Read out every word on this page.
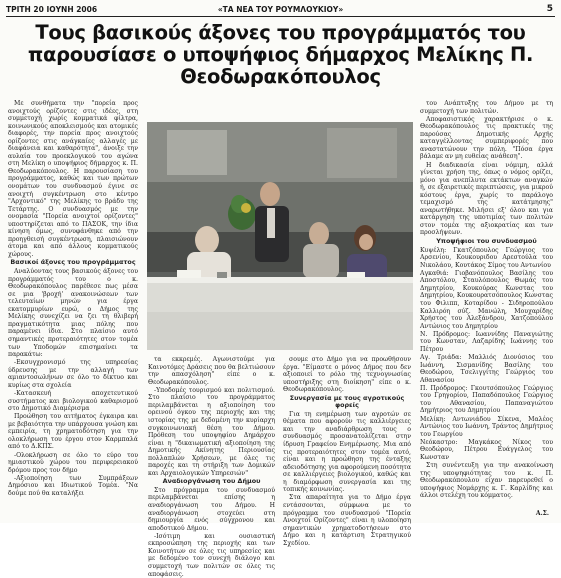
ΤΡΙΤΗ 20 ΙΟΥΝΗ 2006	«ΤΑ ΝΕΑ ΤΟΥ ΡΟΥΜΛΟΥΚΙΟΥ»	5
Τους βασικούς άξονες του προγράμματός του παρουσίασε ο υποψήφιος δήμαρχος Μελίκης Π. Θεοδωρακόπουλος

Με συνθήματα την "πορεία προς ανοιχτούς ορίζοντες στις ιδέες, στη συμμετοχή χωρίς κομματικά φίλτρα, κοινωνικούς αποκλεισμούς και ατομικές διαφορές, την πορεία προς ανοιχτούς ορίζοντες στις ανάγκαίες αλλαγές με διαφάνεια και καθαρότητα", άνοιξε την αυλαία του προεκλογικού του αγώνα στη Μελίκη ο υποψήφιος δήμαρχος κ. Π. Θεοδωρακόπουλος. Η παρουσίαση του προγράμματος, καθώς και των πρώτων ονομάτων του συνδυασμού έγινε σε ανοιχτή συγκέντρωση στο κέντρο "Αρχοντικό" της Μελίκης το βράδυ της Τετάρτης. Ο συνδυασμός με την ονομασία "Πορεία ανοιχτοί ορίζοντες" υποστηρίζεται από το ΠΑΣΟΚ, την ίδια κίνηση όμως, συνυφάνθηκε από την προηγθεισή συγκέντρωση, πλαισιώνουν άτομα και από άλλους κομματικούς χώρους.

Βασικοί άξονες του προγράμματος

Αναλύοντας τους βασικούς άξονες του προγράμματός του ο κ. Θεοδωρακόπουλος παρέθεσε πως μέσα σε μια 'βροχή' ανακοινώσεων των τελευταίων μηνών για έργα εκατομμυρίων ευρώ, ο Δήμος της Μελίκης συνεχίζει να ζει τη θλιβερή πραγματικότητα μιας πόλης που παραμένει ίδια. Στο πλαίσιο αυτό σημαντικές προτεραιότητες στον τομέα των Υποδομών επισημαίνει τα παρακάτω:

-Εκσυγχρονισμό της υπηρεσίας ύδρευσης με την αλλαγή των αμιαντοσωλήνων σε όλο το δίκτυο και κυρίως στα σχολεία

-Κατασκευή αποχετευτικού συστήματος και βιολογικού καθαρισμού στο Δημοτικό Διαμέρισμα

Προώθηση του αιτήματος έγκαιρα και με βεβαιότητα την υπάρχουσα γνώση και εμπειρία, τη χρηματοδότηση για την ολοκλήρωση του έργου στον Καρμπαλά από το Δ.ΚΠΣ.

-Ολοκλήρωση σε όλο το εύρο του ημιαστικού χώρου του περιφερειακού δρόμου προς τον δήμο

-Αξιοποίηση των Συμπράξεων Δημόσιου και Ιδιωτικού Τομέα. "Να δούμε πού θα καταλήξει

τα εκκρεμές. Αγωνιστούμε για Καινοτόμες Δράσεις που θα βελτιώσουν την απασχόληση" είπε ο κ. Θεοδωρακόπουλος.

-Υποδομές τουρισμού και πολιτισμού. Στο πλαίσιο του προγράμματος περιλαμβάνεται η αξιοποίηση του ορεινού όγκου της περιοχής και της ιστορίας της με δεδομένη την κυρίαρχη συγκοινωνιακή θέση του Δήμου. Πρόθεση του υποψηφίου Δημάρχου είναι η "δικαιωματική αξιοποίηση της Δημοτικής Ακίνητης Περιουσίας πολλαπλών Χρήσεων, με όλες τις παροχές και τη στήριξη των Δομικών και Αρχαιολογικών Υπηρεσιών"

Αναδιοργάνωση του Δήμου

Στο πρόγραμμα του συνδυασμού περιλαμβάνεται επίσης η αναδιοργάνωση του Δήμου. Η αναδιοργάνωση στοχεύει στη δημιουργία ενός σύγχρονου και αποδοτικού Δήμου.

-Ισότιμη και ουσιαστική εκπροσώπηση της περιοχής και των Κοινοτήτων σε όλες τις υπηρεσίες και με δεδομένο τον συνεχή διάλογο και συμμετοχή των πολιτών σε όλες τις αποφάσεις.

σουμε στο Δήμο για να προωθήσουν έργα. "Είμαστε ο μόνος Δήμος που δεν αξιοποιεί το ρόλο της τεχνογνωσίας υποστήριξης στη διοίκηση" είπε ο κ. Θεοδωρακόπουλος.

Συνεργασία με τους αγροτικούς φορείς

Για τη ενημέρωση των αγροτών σε θέματα που αφορούν τις καλλιέργειες και την αναδιάρθρωση τους ο συνδυασμός προσανατολίζεται στην ίδρυση Γραφείου Ενημέρωσης. Μια από τις προτεραιότητες στον τομέα αυτό, είναι και η προώθηση της ένταξης αδειοδότησης για αφορούμενη ποσότητα σε καλλιέργειες βιολογικού, καθώς και η διαμόρφωση συνεργασία και της τοπικής κοινωνίας.

Στα απαραίτητα για το Δήμο έργα εντάσσονται, σύμφωνα με το πρόγραμμα του συνδυασμού "Πορεία Ανοιχτοί Ορίζοντες" είναι η υλοποίηση σημαντικών χρηματοδοτήσεων στο Δήμο και η κατάρτιση Στρατηγικού Σχεδίου.

του Ανάπτυξης του Δήμου με τη συμμετοχή των πολιτών.

Αποφασιστικός χαρακτήρισε ο κ. Θεοδωρακόπουλος τις πρακτικές της παρούσας Δημοτικής Αρχής καταγγέλλοντας συμπεριφορές που αναστατώνουν την πόλη. "Πόσα έργα βάλαμε αν μη ευθείας ανάθεση".

Η διαδικασία είναι νόμιμη, αλλά γίνεται χρήση της, όπως ο νόμος ορίζει, μόνο για ανεπίλυτα εκτάκτων αναγκών ή, σε εξαιρετικές περιπτώσεις, για μικρού κόστους έργα, χωρίς το παράλογο τεμαχισμό της κατάτμησης" αναρωτήθηκε. Μιλήσει εξ' όλου και για κατάργηση της υποτιμίας των πολιτών στον τομέα της αξιοκρατίας και των προσλήψεων.

Υποψήφιοι του συνδυασμού

Κυψέλη: Γκατζόπουλος Γεώργιος του Αρσενίου, Κουκουριδου Αρεστούλα του Νικολάου, Κουτάκος Σίμος του Αντωνίου

Αγκαθιά: Γιοβανόπουλος Βασίλης του Αποστόλου, Σταυλόπουλος Θωμάς του Δημητρίου, Κουκούρας Κωνστας του Δημητρίου, Κουκουρατσόπουλος Κωνστας του Φιλιππ, Κοταρίδου - Σιδηροπούλου Καλλιρόη σύζ. Μανώλη, Μουχαρίδης Χρήστος του Αλεξάνδρου, Χατζοπούλου Αντώνιος του Δημητρίου

Ν. Πρόδρομος: Ιωαννίδης Παναγιώτης του Κωνσταν, Λαζαρίδης Ιωάννης του Πέτρου

Αγ. Τριάδα: Μαλλιός Διονύσιος του Ιωάννη, Σισμανίδης Βασίλης του Θεοδώρου, Τσελιγγίτης Γεώργιος του Αθανασίου

Π. Πρόδρομος: Γκουτσόπουλος Γεώργιος του Γρηγορίου, Παπαδόπουλος Γεώργιος του Αθανασίου, Παπαναγιώτου Δημήτριος του Δημητρίου

Μελίκη: Αντωνιάδου Σίκενα, Μαλέος Αντώνιος του Ιωάννη, Τράντος Δημήτριος του Γεωργίου

Νεόκαστρο: Μαγκάκος Νίκος του Θεοδώρου, Πέτρου Ευάγγελος του Κωνσταν

Στη συνέντευξη για την ανακοίνωση της υποψηφιότητας του κ. Π. Θεοδωρακόπουλου είχαν παρευρεθεί ο υποψήφιος Νομάρχης κ. Γ. Καρλίδης και άλλοι στελέχη του κόμματος.

Α.Σ.
